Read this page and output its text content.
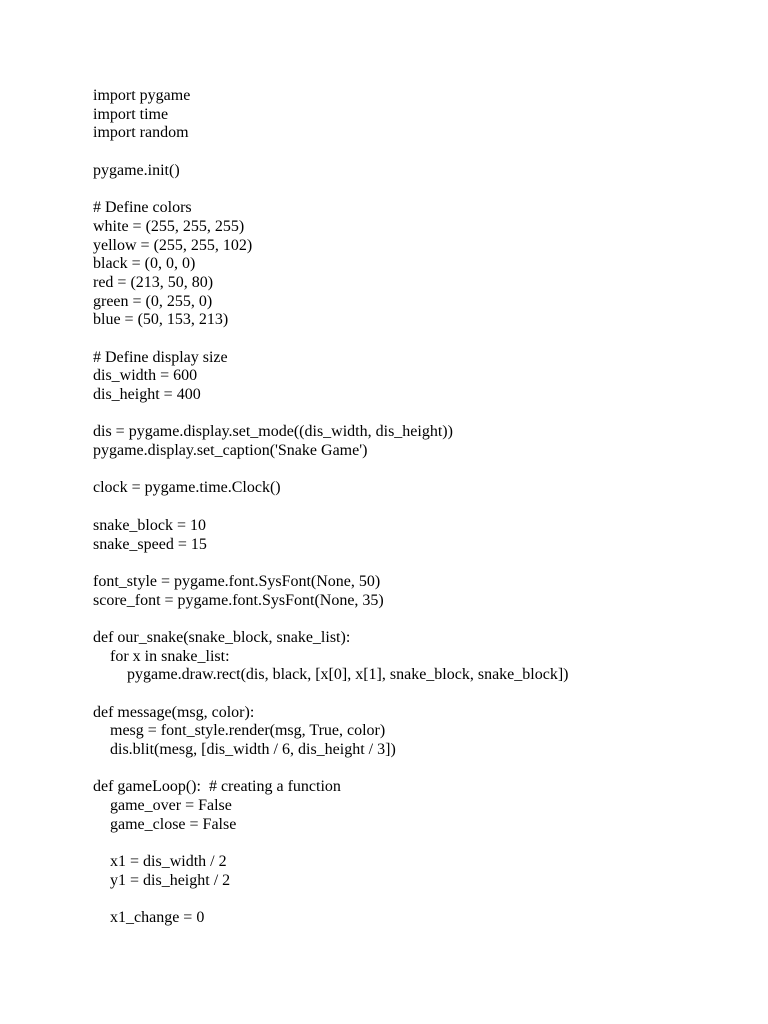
import pygame
import time
import random
pygame.init()
# Define colors
white = (255, 255, 255)
yellow = (255, 255, 102)
black = (0, 0, 0)
red = (213, 50, 80)
green = (0, 255, 0)
blue = (50, 153, 213)
# Define display size
dis_width = 600
dis_height = 400
dis = pygame.display.set_mode((dis_width, dis_height))
pygame.display.set_caption('Snake Game')
clock = pygame.time.Clock()
snake_block = 10
snake_speed = 15
font_style = pygame.font.SysFont(None, 50)
score_font = pygame.font.SysFont(None, 35)
def our_snake(snake_block, snake_list):
for x in snake_list:
pygame.draw.rect(dis, black, [x[0], x[1], snake_block, snake_block])
def message(msg, color):
mesg = font_style.render(msg, True, color)
dis.blit(mesg, [dis_width / 6, dis_height / 3])
def gameLoop():  # creating a function
game_over = False
game_close = False
x1 = dis_width / 2
y1 = dis_height / 2
x1_change = 0
